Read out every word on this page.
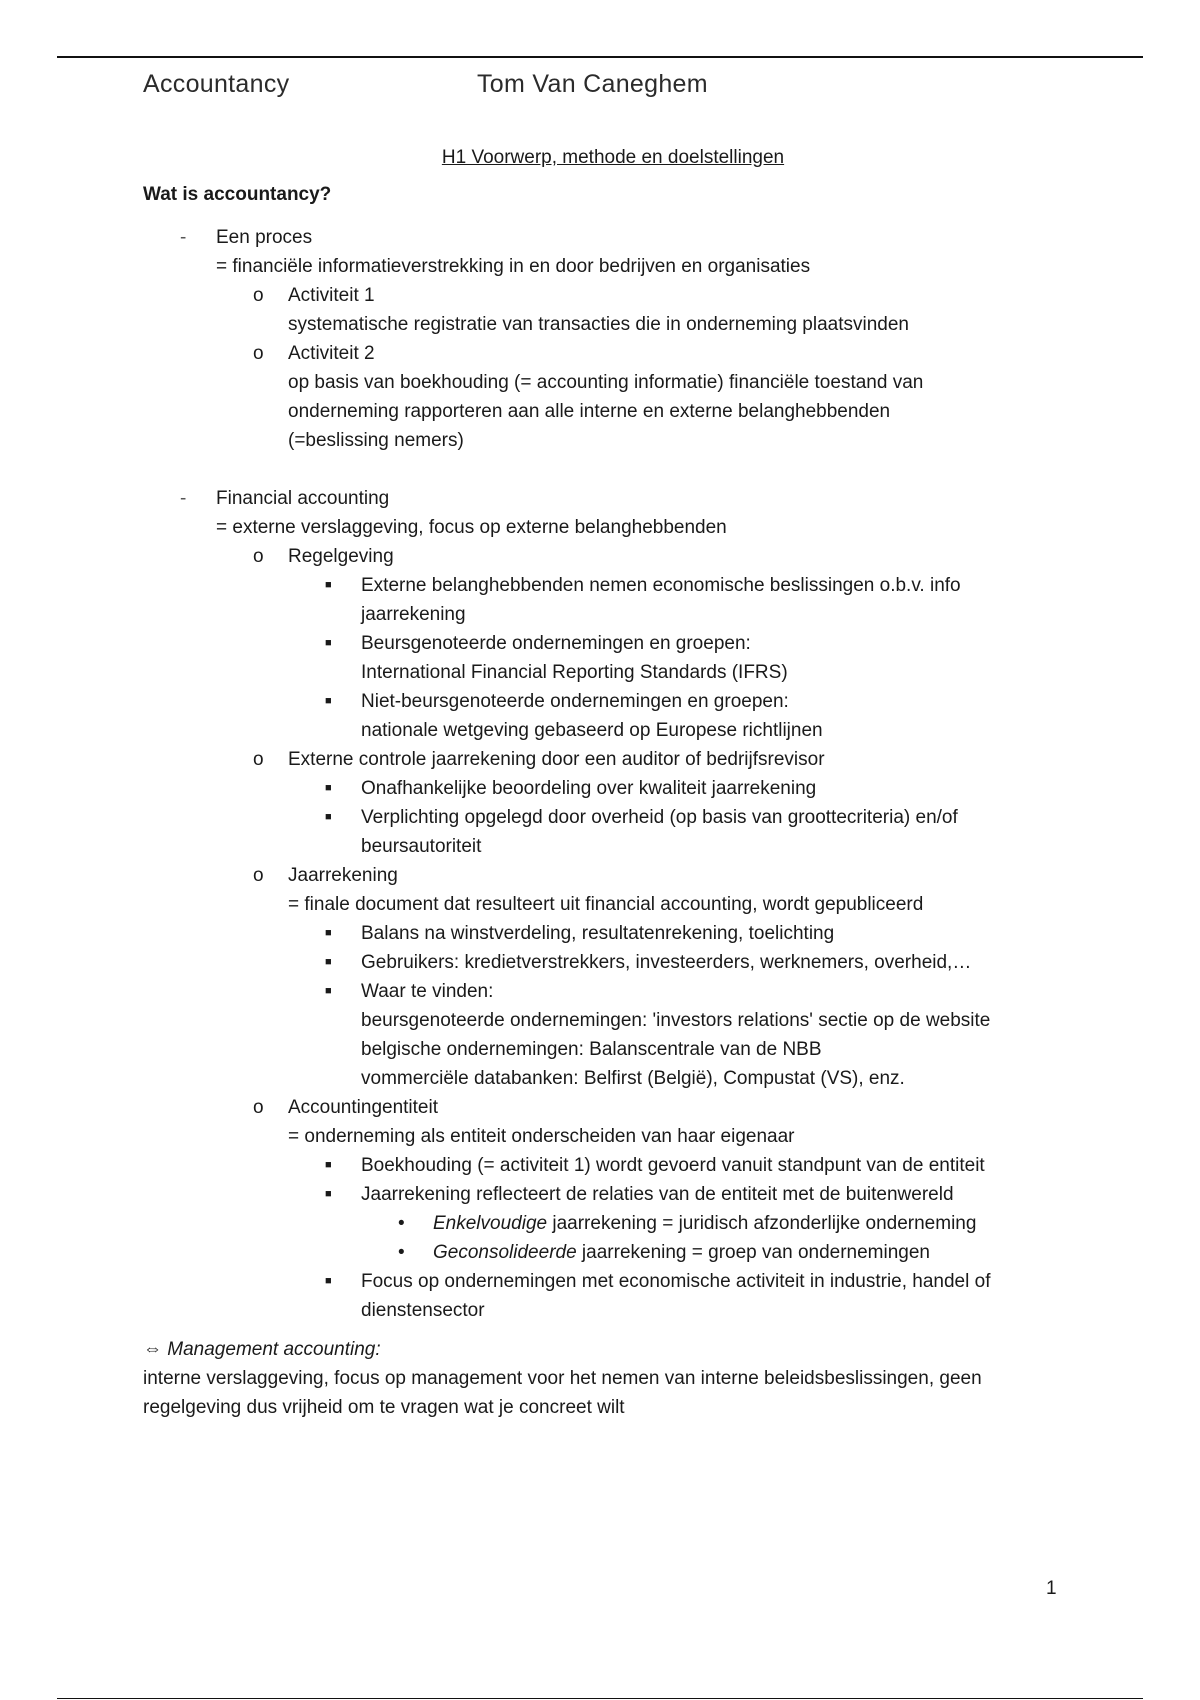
Accountancy	Tom Van Caneghem
H1 Voorwerp, methode en doelstellingen
Wat is accountancy?
- Een proces
= financiële informatieverstrekking in en door bedrijven en organisaties
o Activiteit 1
systematische registratie van transacties die in onderneming plaatsvinden
o Activiteit 2
op basis van boekhouding (= accounting informatie) financiële toestand van
onderneming rapporteren aan alle interne en externe belanghebbenden
(=beslissing nemers)
- Financial accounting
= externe verslaggeving, focus op externe belanghebbenden
o Regelgeving
■ Externe belanghebbenden nemen economische beslissingen o.b.v. info
jaarrekening
■ Beursgenoteerde ondernemingen en groepen:
International Financial Reporting Standards (IFRS)
■ Niet-beursgenoteerde ondernemingen en groepen:
nationale wetgeving gebaseerd op Europese richtlijnen
o Externe controle jaarrekening door een auditor of bedrijfsrevisor
■ Onafhankelijke beoordeling over kwaliteit jaarrekening
■ Verplichting opgelegd door overheid (op basis van groottecriteria) en/of
beursautoriteit
o Jaarrekening
= finale document dat resulteert uit financial accounting, wordt gepubliceerd
■ Balans na winstverdeling, resultatenrekening, toelichting
■ Gebruikers: kredietverstrekkers, investeerders, werknemers, overheid,…
■ Waar te vinden:
beursgenoteerde ondernemingen: 'investors relations' sectie op de website
belgische ondernemingen: Balanscentrale van de NBB
vommerciële databanken: Belfirst (België), Compustat (VS), enz.
o Accountingentiteit
= onderneming als entiteit onderscheiden van haar eigenaar
■ Boekhouding (= activiteit 1) wordt gevoerd vanuit standpunt van de entiteit
■ Jaarrekening reflecteert de relaties van de entiteit met de buitenwereld
• Enkelvoudige jaarrekening = juridisch afzonderlijke onderneming
• Geconsolideerde jaarrekening = groep van ondernemingen
■ Focus op ondernemingen met economische activiteit in industrie, handel of
dienstensector
⇔ Management accounting:
interne verslaggeving, focus op management voor het nemen van interne beleidsbeslissingen, geen
regelgeving dus vrijheid om te vragen wat je concreet wilt
1
